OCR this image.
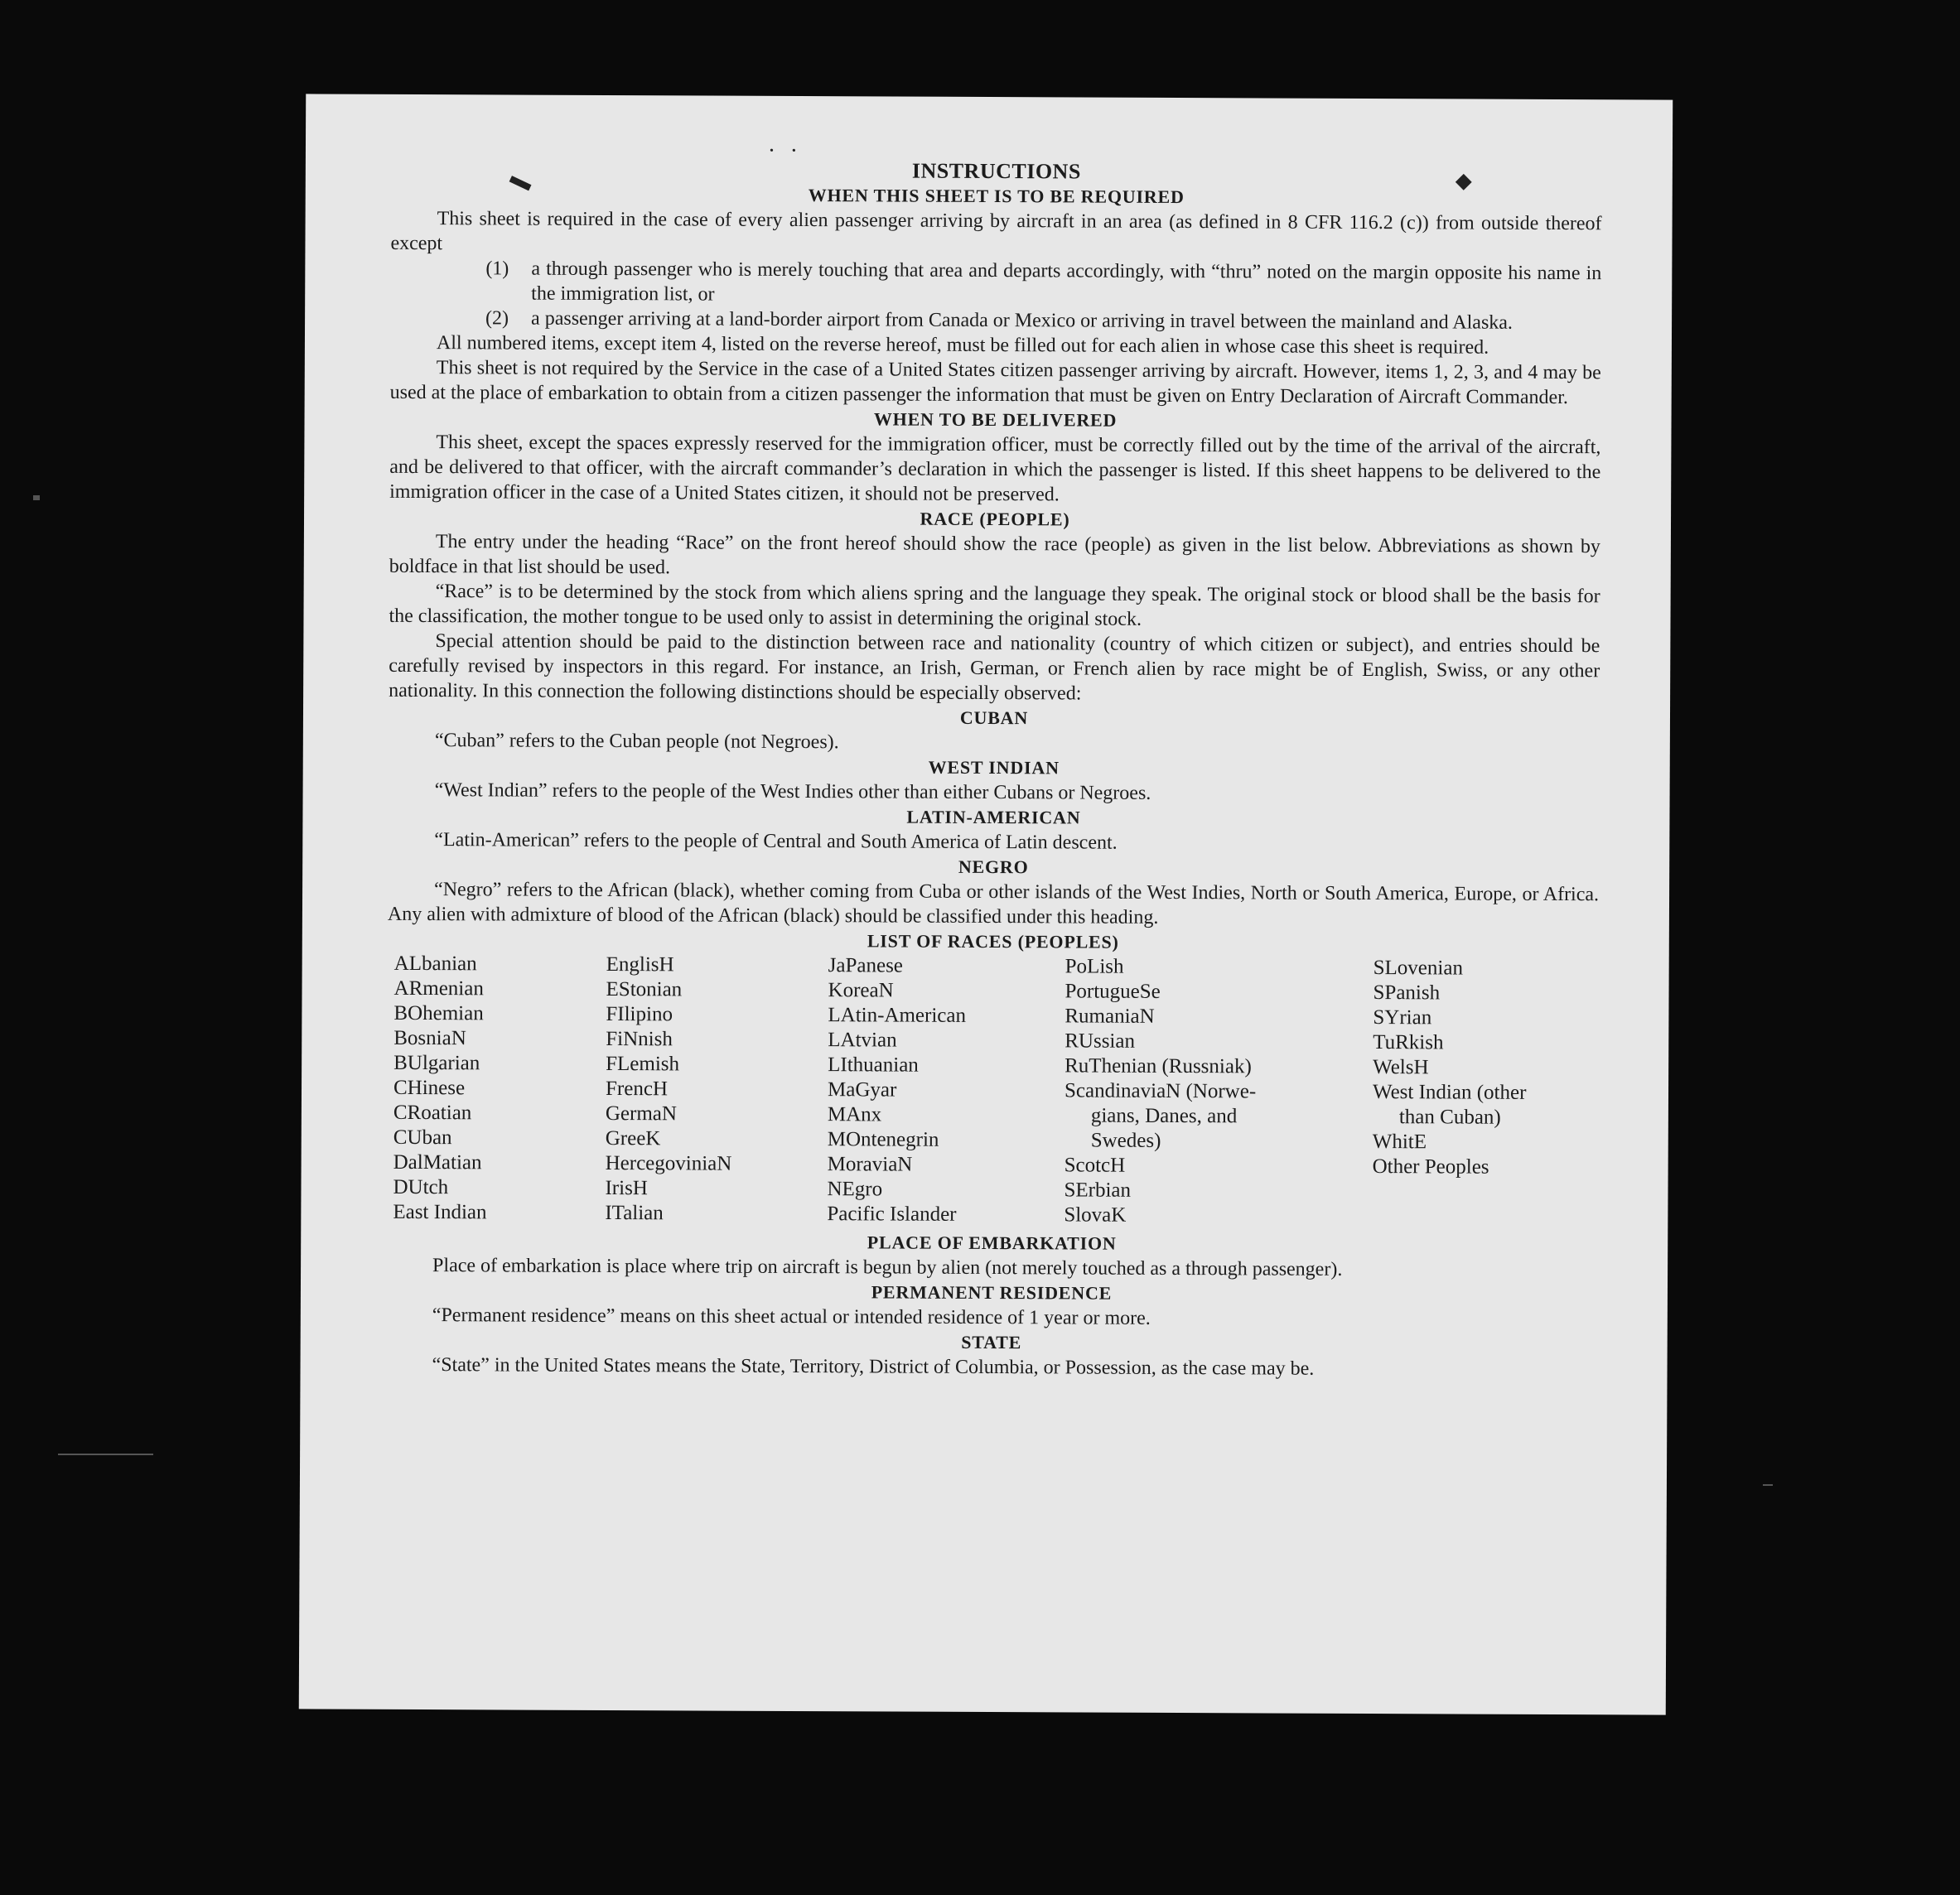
▬
••
◆
INSTRUCTIONS
WHEN THIS SHEET IS TO BE REQUIRED

This sheet is required in the case of every alien passenger arriving by aircraft in an area (as defined in 8 CFR 116.2 (c)) from outside thereof except

(1)	a through passenger who is merely touching that area and departs accordingly, with “thru” noted on the margin opposite his name in the immigration list, or
(2)	a passenger arriving at a land-border airport from Canada or Mexico or arriving in travel between the mainland and Alaska.

All numbered items, except item 4, listed on the reverse hereof, must be filled out for each alien in whose case this sheet is required.

This sheet is not required by the Service in the case of a United States citizen passenger arriving by aircraft. However, items 1, 2, 3, and 4 may be used at the place of embarkation to obtain from a citizen passenger the information that must be given on Entry Declaration of Aircraft Commander.

WHEN TO BE DELIVERED

This sheet, except the spaces expressly reserved for the immigration officer, must be correctly filled out by the time of the arrival of the aircraft, and be delivered to that officer, with the aircraft commander’s declaration in which the passenger is listed. If this sheet happens to be delivered to the immigration officer in the case of a United States citizen, it should not be preserved.

RACE (PEOPLE)

The entry under the heading “Race” on the front hereof should show the race (people) as given in the list below. Abbreviations as shown by boldface in that list should be used.

“Race” is to be determined by the stock from which aliens spring and the language they speak. The original stock or blood shall be the basis for the classification, the mother tongue to be used only to assist in determining the original stock.

Special attention should be paid to the distinction between race and nationality (country of which citizen or subject), and entries should be carefully revised by inspectors in this regard. For instance, an Irish, German, or French alien by race might be of English, Swiss, or any other nationality. In this connection the following distinctions should be especially observed:

CUBAN

“Cuban” refers to the Cuban people (not Negroes).

WEST INDIAN

“West Indian” refers to the people of the West Indies other than either Cubans or Negroes.

LATIN-AMERICAN

“Latin-American” refers to the people of Central and South America of Latin descent.

NEGRO

“Negro” refers to the African (black), whether coming from Cuba or other islands of the West Indies, North or South America, Europe, or Africa. Any alien with admixture of blood of the African (black) should be classified under this heading.

LIST OF RACES (PEOPLES)
ALbanian
ARmenian
BOhemian
BosniaN
BUlgarian
CHinese
CRoatian
CUban
DalMatian
DUtch
East Indian
EnglisH
EStonian
FIlipino
FiNnish
FLemish
FrencH
GermaN
GreeK
HercegoviniaN
IrisH
ITalian
JaPanese
KoreaN
LAtin-American
LAtvian
LIthuanian
MaGyar
MAnx
MOntenegrin
MoraviaN
NEgro
Pacific Islander
PoLish
PortugueSe
RumaniaN
RUssian
RuThenian (Russniak)
ScandinaviaN (Norwe-
gians, Danes, and
Swedes)
ScotcH
SErbian
SlovaK
SLovenian
SPanish
SYrian
TuRkish
WelsH
West Indian (other
than Cuban)
WhitE
Other Peoples
PLACE OF EMBARKATION

Place of embarkation is place where trip on aircraft is begun by alien (not merely touched as a through passenger).

PERMANENT RESIDENCE

“Permanent residence” means on this sheet actual or intended residence of 1 year or more.

STATE

“State” in the United States means the State, Territory, District of Columbia, or Possession, as the case may be.
